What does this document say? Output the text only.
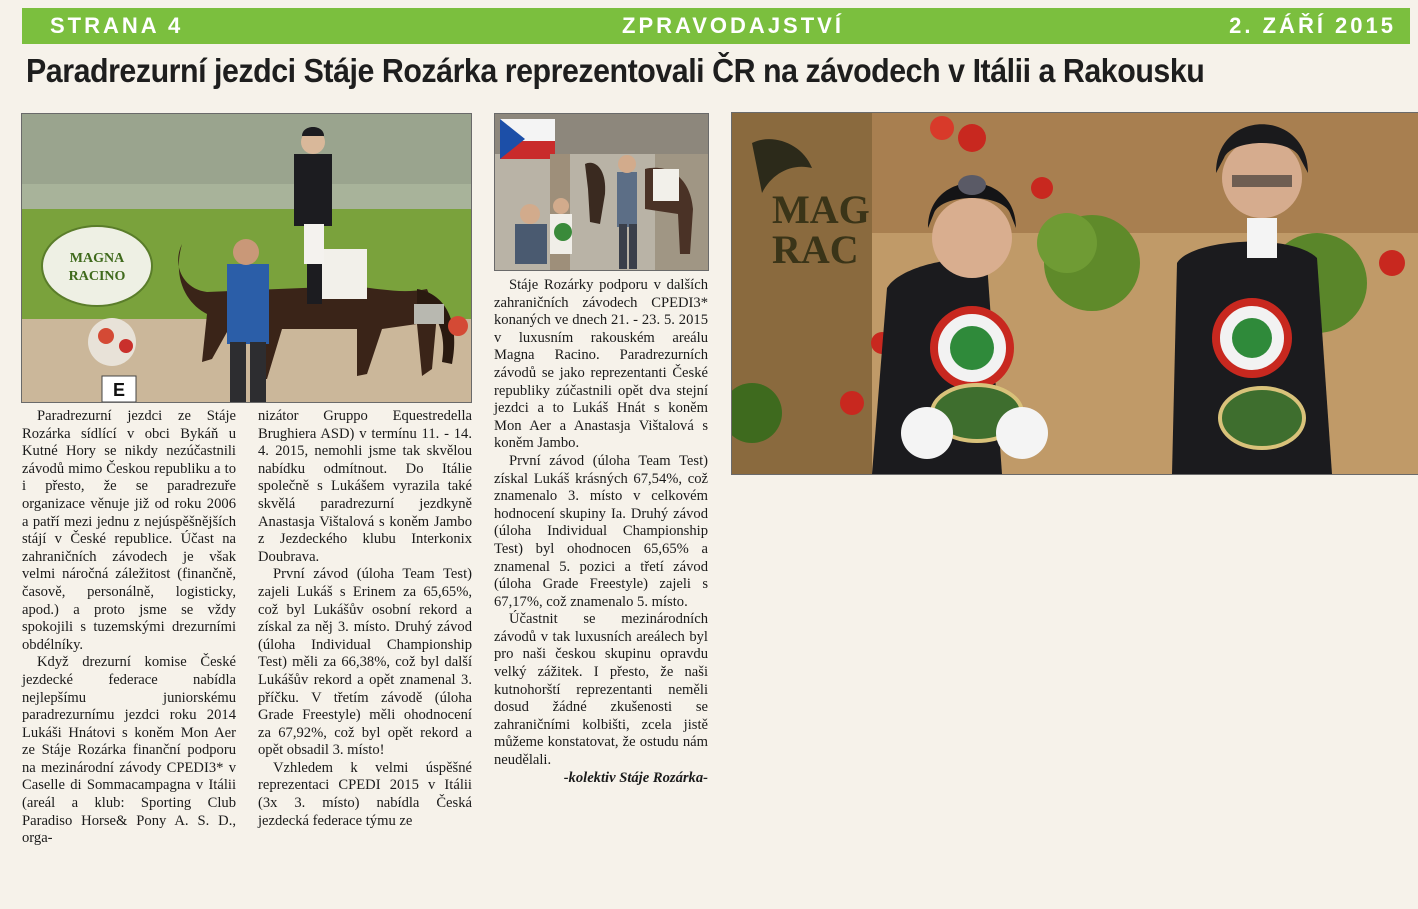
STRANA 4	ZPRAVODAJSTVÍ	2. ZÁŘÍ 2015
Paradrezurní jezdci Stáje Rozárka reprezentovali ČR na závodech v Itálii a Rakousku
MAGNA
RACINO
E
MAG
RAC

Paradrezurní jezdci ze Stáje Rozárka sídlící v obci Bykáň u Kutné Hory se nikdy nezúčastnili závodů mimo Českou republiku a to i přesto, že se paradrezuře organizace věnuje již od roku 2006 a patří mezi jednu z nejúspěšnějších stájí v České republice. Účast na zahraničních závodech je však velmi náročná záležitost (finančně, časově, personálně, logisticky, apod.) a proto jsme se vždy spokojili s tuzemskými drezurními obdélníky.

Když drezurní komise České jezdecké federace nabídla nejlepšímu juniorskému paradrezurnímu jezdci roku 2014 Lukáši Hnátovi s koněm Mon Aer ze Stáje Rozárka finanční podporu na mezinárodní závody CPEDI3* v Caselle di Sommacampagna v Itálii (areál a klub: Sporting Club Paradiso Horse& Pony A. S. D., orga-

nizátor Gruppo Equestredella Brughiera ASD) v termínu 11. - 14. 4. 2015, nemohli jsme tak skvělou nabídku odmítnout. Do Itálie společně s Lukášem vyrazila také skvělá paradrezurní jezdkyně Anastasja Vištalová s koněm Jambo z Jezdeckého klubu Interkonix Doubrava.

První závod (úloha Team Test) zajeli Lukáš s Erinem za 65,65%, což byl Lukášův osobní rekord a získal za něj 3. místo. Druhý závod (úloha Individual Championship Test) měli za 66,38%, což byl další Lukášův rekord a opět znamenal 3. příčku. V třetím závodě (úloha Grade Freestyle) měli ohodnocení za 67,92%, což byl opět rekord a opět obsadil 3. místo!

Vzhledem k velmi úspěšné reprezentaci CPEDI 2015 v Itálii (3x 3. místo) nabídla Česká jezdecká federace týmu ze

Stáje Rozárky podporu v dalších zahraničních závodech CPEDI3* konaných ve dnech 21. - 23. 5. 2015 v luxusním rakouském areálu Magna Racino. Paradrezurních závodů se jako reprezentanti České republiky zúčastnili opět dva stejní jezdci a to Lukáš Hnát s koněm Mon Aer a Anastasja Vištalová s koněm Jambo.

První závod (úloha Team Test) získal Lukáš krásných 67,54%, což znamenalo 3. místo v celkovém hodnocení skupiny Ia. Druhý závod (úloha Individual Championship Test) byl ohodnocen 65,65% a znamenal 5. pozici a třetí závod (úloha Grade Freestyle) zajeli s 67,17%, což znamenalo 5. místo.

Účastnit se mezinárodních závodů v tak luxusních areálech byl pro naši českou skupinu opravdu velký zážitek. I přesto, že naši kutnohorští reprezentanti neměli dosud žádné zkušenosti se zahraničními kolbišti, zcela jistě můžeme konstatovat, že ostudu nám neudělali.

-kolektiv Stáje Rozárka-
